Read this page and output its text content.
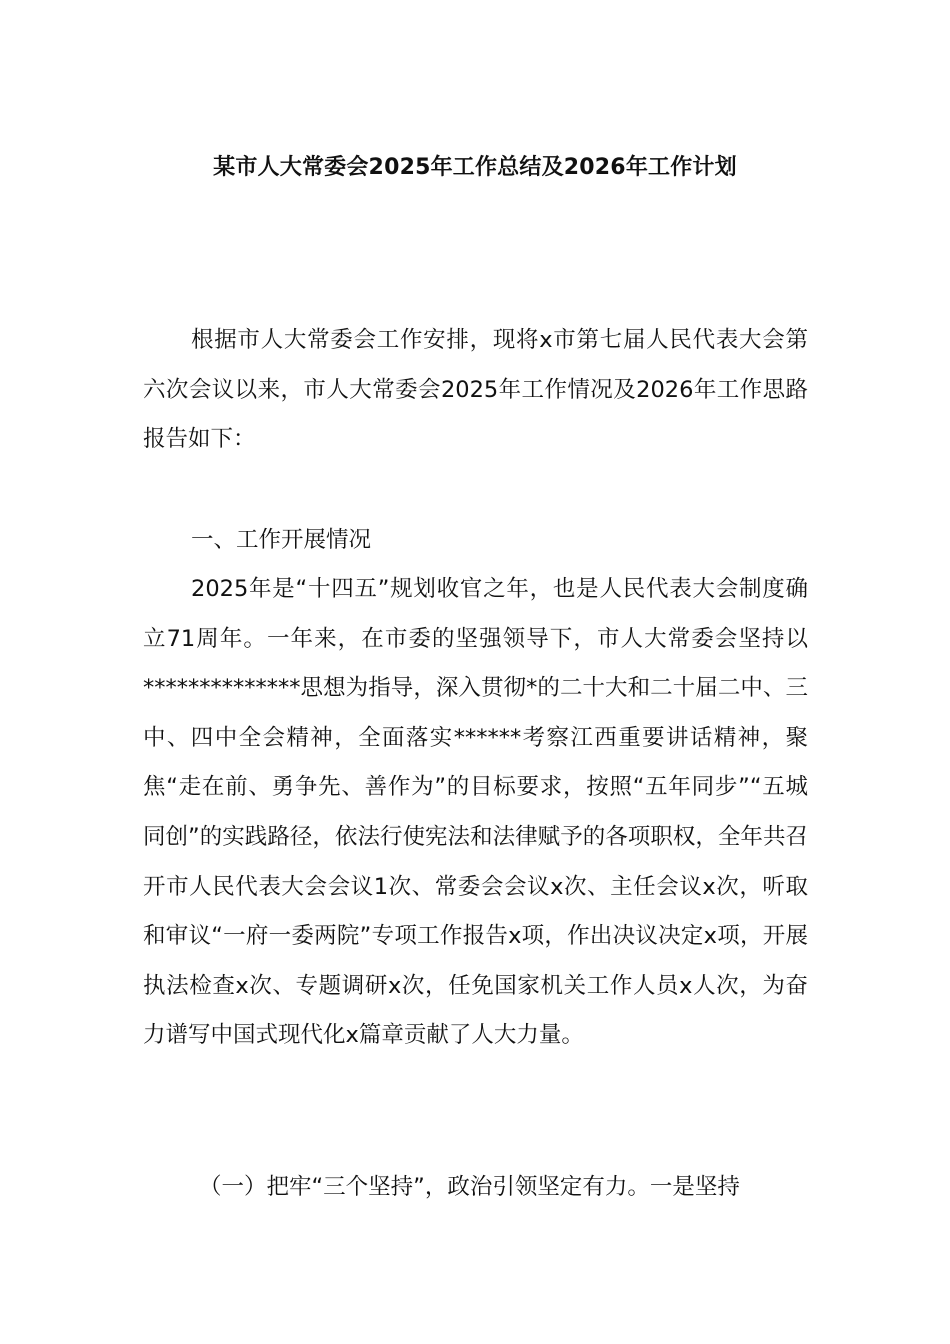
某市人大常委会2025年工作总结及2026年工作计划

根据市人大常委会工作安排，现将x市第七届人民代表大会第六次会议以来，市人大常委会2025年工作情况及2026年工作思路报告如下：

一、工作开展情况

2025年是“十四五”规划收官之年，也是人民代表大会制度确立71周年。一年来，在市委的坚强领导下，市人大常委会坚持以**************思想为指导，深入贯彻*的二十大和二十届二中、三中、四中全会精神，全面落实******考察江西重要讲话精神，聚焦“走在前、勇争先、善作为”的目标要求，按照“五年同步”“五城同创”的实践路径，依法行使宪法和法律赋予的各项职权，全年共召开市人民代表大会会议1次、常委会会议x次、主任会议x次，听取和审议“一府一委两院”专项工作报告x项，作出决议决定x项，开展执法检查x次、专题调研x次，任免国家机关工作人员x人次，为奋力谱写中国式现代化x篇章贡献了人大力量。

（一）把牢“三个坚持”，政治引领坚定有力。一是坚持
